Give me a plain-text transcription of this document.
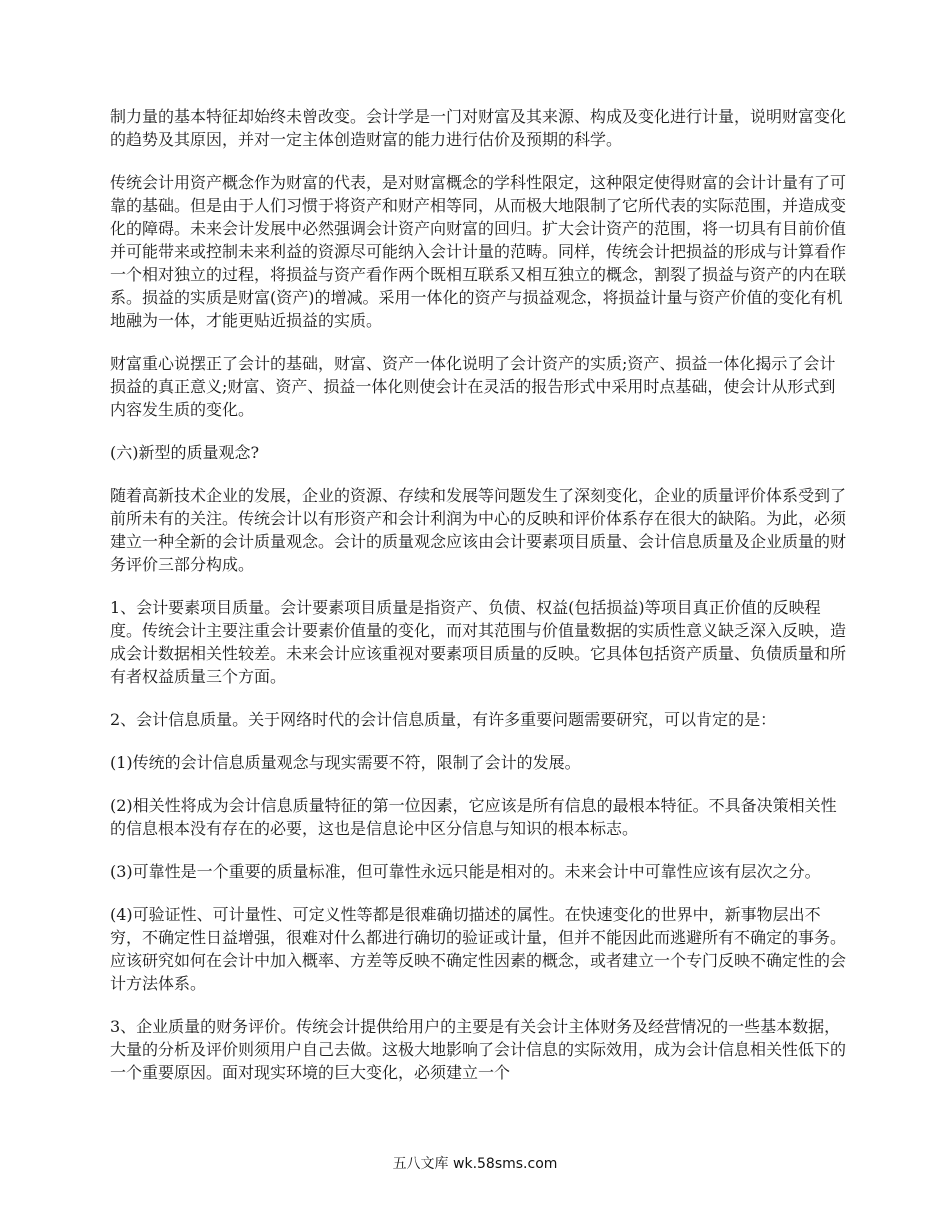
制力量的基本特征却始终未曾改变。会计学是一门对财富及其来源、构成及变化进行计量，说明财富变化的趋势及其原因，并对一定主体创造财富的能力进行估价及预期的科学。

传统会计用资产概念作为财富的代表，是对财富概念的学科性限定，这种限定使得财富的会计计量有了可靠的基础。但是由于人们习惯于将资产和财产相等同，从而极大地限制了它所代表的实际范围，并造成变化的障碍。未来会计发展中必然强调会计资产向财富的回归。扩大会计资产的范围，将一切具有目前价值并可能带来或控制未来利益的资源尽可能纳入会计计量的范畴。同样，传统会计把损益的形成与计算看作一个相对独立的过程，将损益与资产看作两个既相互联系又相互独立的概念，割裂了损益与资产的内在联系。损益的实质是财富(资产)的增减。采用一体化的资产与损益观念，将损益计量与资产价值的变化有机地融为一体，才能更贴近损益的实质。

财富重心说摆正了会计的基础，财富、资产一体化说明了会计资产的实质;资产、损益一体化揭示了会计损益的真正意义;财富、资产、损益一体化则使会计在灵活的报告形式中采用时点基础，使会计从形式到内容发生质的变化。

(六)新型的质量观念?

随着高新技术企业的发展，企业的资源、存续和发展等问题发生了深刻变化，企业的质量评价体系受到了前所未有的关注。传统会计以有形资产和会计利润为中心的反映和评价体系存在很大的缺陷。为此，必须建立一种全新的会计质量观念。会计的质量观念应该由会计要素项目质量、会计信息质量及企业质量的财务评价三部分构成。

1、会计要素项目质量。会计要素项目质量是指资产、负债、权益(包括损益)等项目真正价值的反映程度。传统会计主要注重会计要素价值量的变化，而对其范围与价值量数据的实质性意义缺乏深入反映，造成会计数据相关性较差。未来会计应该重视对要素项目质量的反映。它具体包括资产质量、负债质量和所有者权益质量三个方面。

2、会计信息质量。关于网络时代的会计信息质量，有许多重要问题需要研究，可以肯定的是：

(1)传统的会计信息质量观念与现实需要不符，限制了会计的发展。

(2)相关性将成为会计信息质量特征的第一位因素，它应该是所有信息的最根本特征。不具备决策相关性的信息根本没有存在的必要，这也是信息论中区分信息与知识的根本标志。

(3)可靠性是一个重要的质量标准，但可靠性永远只能是相对的。未来会计中可靠性应该有层次之分。

(4)可验证性、可计量性、可定义性等都是很难确切描述的属性。在快速变化的世界中，新事物层出不穷，不确定性日益增强，很难对什么都进行确切的验证或计量，但并不能因此而逃避所有不确定的事务。应该研究如何在会计中加入概率、方差等反映不确定性因素的概念，或者建立一个专门反映不确定性的会计方法体系。

3、企业质量的财务评价。传统会计提供给用户的主要是有关会计主体财务及经营情况的一些基本数据，大量的分析及评价则须用户自己去做。这极大地影响了会计信息的实际效用，成为会计信息相关性低下的一个重要原因。面对现实环境的巨大变化，必须建立一个

五八文库 wk.58sms.com
